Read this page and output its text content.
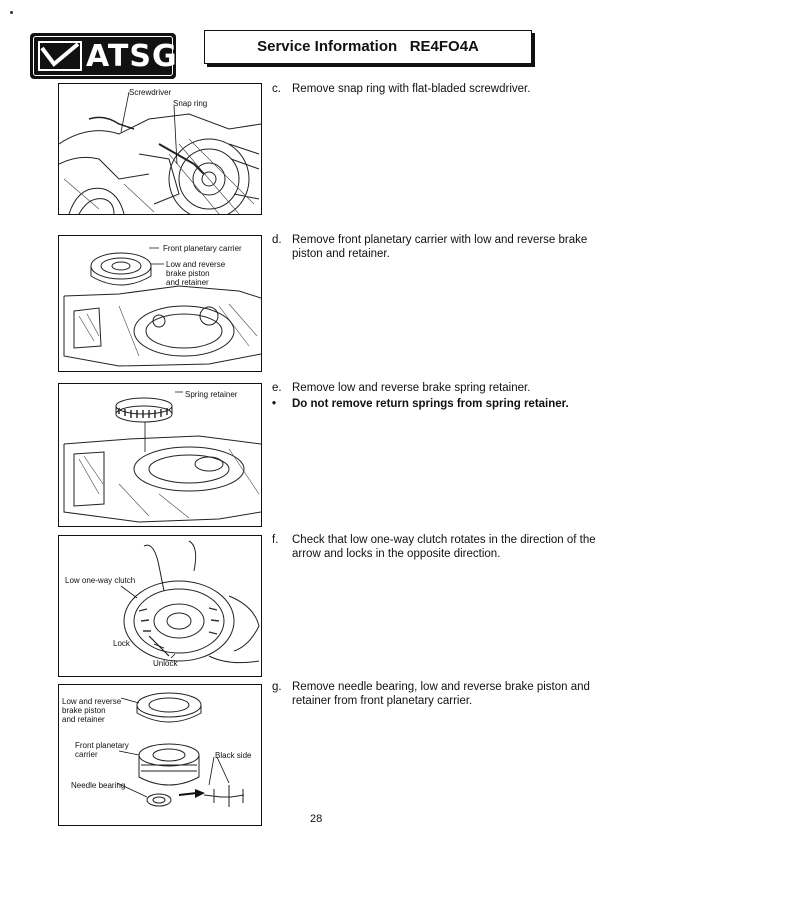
ATSG	Service Information RE4FO4A
Screwdriver
Snap ring
Front planetary carrier
Low and reverse
brake piston
and retainer
Spring retainer
Low one-way clutch
Lock
Unlock
Low and reverse
brake piston
and retainer
Front planetary
carrier	Black side
Needle bearing
c. Remove snap ring with flat-bladed screwdriver.
d. Remove front planetary carrier with low and reverse brake piston and retainer.
e. Remove low and reverse brake spring retainer.
• Do not remove return springs from spring retainer.
f. Check that low one-way clutch rotates in the direction of the arrow and locks in the opposite direction.
g. Remove needle bearing, low and reverse brake piston and retainer from front planetary carrier.
28
